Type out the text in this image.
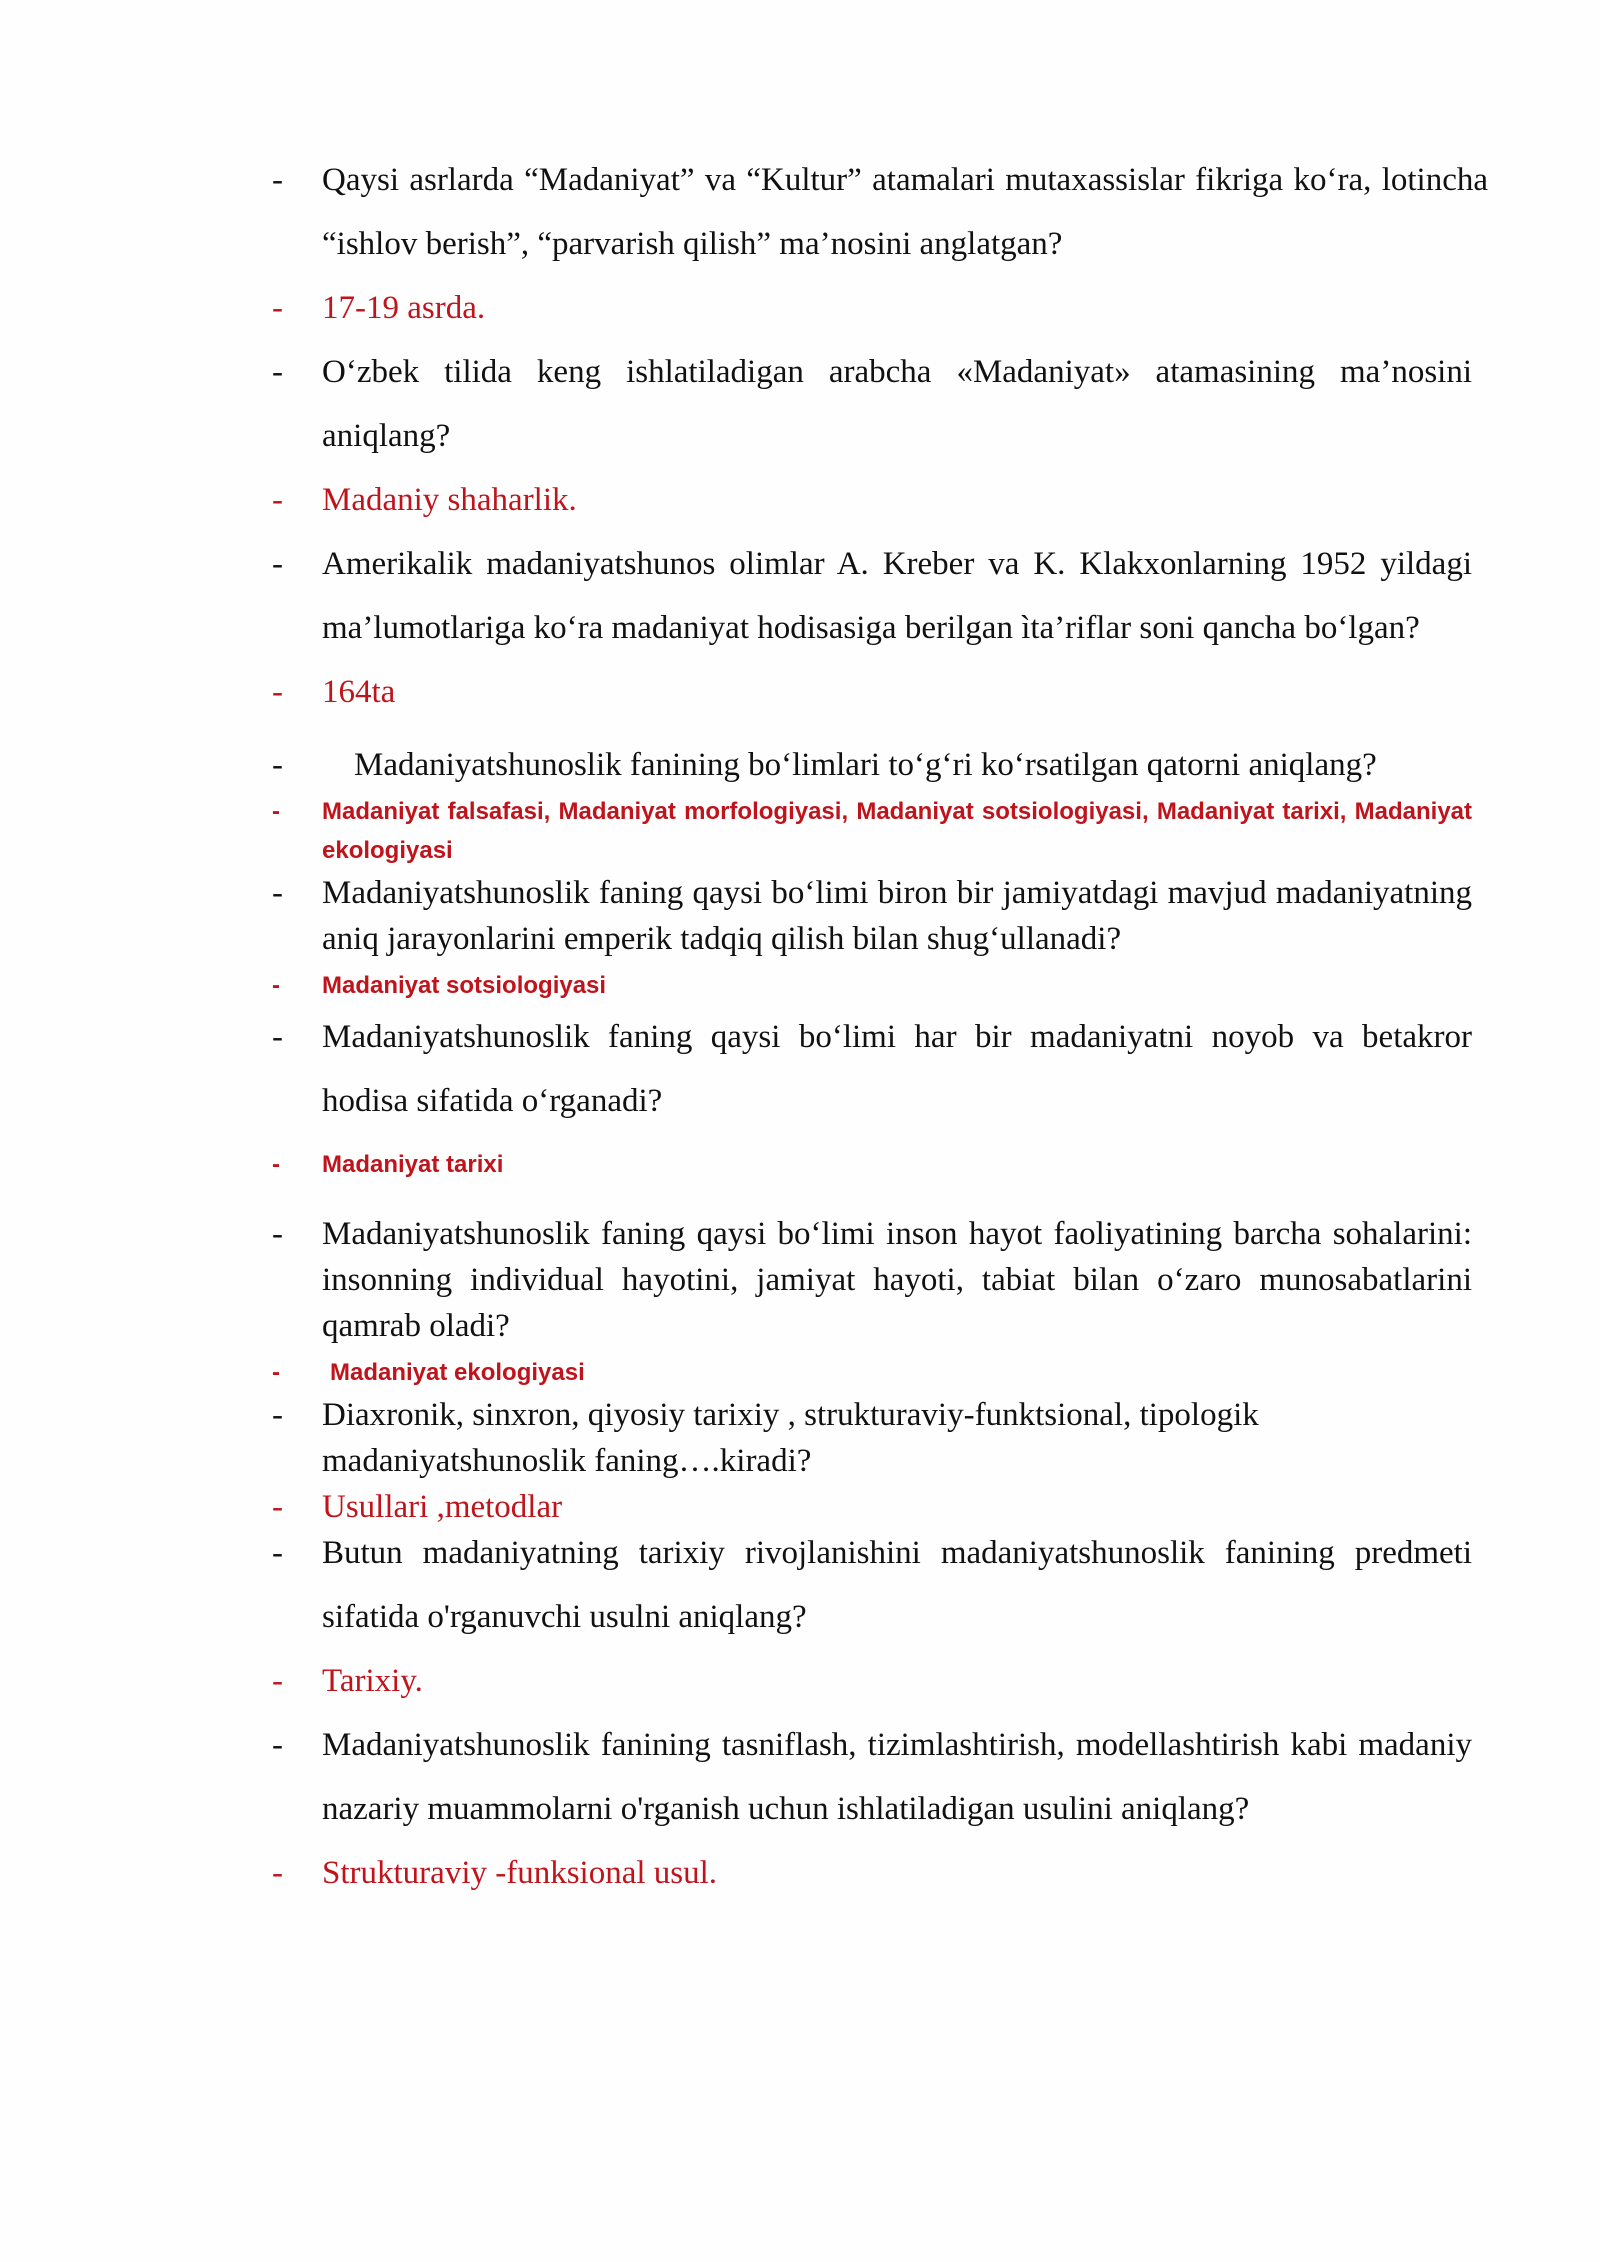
-	Qaysi asrlarda “Madaniyat” va “Kultur” atamalari mutaxassislar fikriga ko‘ra, lotincha “ishlov berish”, “parvarish qilish” ma’nosini anglatgan?
-	17-19 asrda.
-	O‘zbek tilida keng ishlatiladigan arabcha «Madaniyat» atamasining ma’nosini aniqlang?
-	Madaniy shaharlik.
-	Amerikalik madaniyatshunos olimlar A. Kreber va K. Klakxonlarning 1952 yildagi ma’lumotlariga ko‘ra madaniyat hodisasiga berilgan ìta’riflar soni qancha bo‘lgan?
-	164ta
-	Madaniyatshunoslik fanining bo‘limlari to‘g‘ri ko‘rsatilgan qatorni aniqlang?
-	Madaniyat falsafasi, Madaniyat morfologiyasi, Madaniyat sotsiologiyasi, Madaniyat tarixi, Madaniyat ekologiyasi
-	Madaniyatshunoslik faning qaysi bo‘limi biron bir jamiyatdagi mavjud madaniyatning aniq jarayonlarini emperik tadqiq qilish bilan shug‘ullanadi?
-	Madaniyat sotsiologiyasi
-	Madaniyatshunoslik faning qaysi bo‘limi har bir madaniyatni noyob va betakror hodisa sifatida o‘rganadi?
-	Madaniyat tarixi
-	Madaniyatshunoslik faning qaysi bo‘limi inson hayot faoliyatining barcha sohalarini: insonning individual hayotini, jamiyat hayoti, tabiat bilan o‘zaro munosabatlarini qamrab oladi?
-	Madaniyat ekologiyasi
-	Diaxronik, sinxron, qiyosiy tarixiy , strukturaviy-funktsional, tipologik madaniyatshunoslik faning….kiradi?
-	Usullari ,metodlar
-	Butun madaniyatning tarixiy rivojlanishini madaniyatshunoslik fanining predmeti sifatida o'rganuvchi usulni aniqlang?
-	Tarixiy.
-	Madaniyatshunoslik fanining tasniflash, tizimlashtirish, modellashtirish kabi madaniy nazariy muammolarni o'rganish uchun ishlatiladigan usulini aniqlang?
-	Strukturaviy -funksional usul.
